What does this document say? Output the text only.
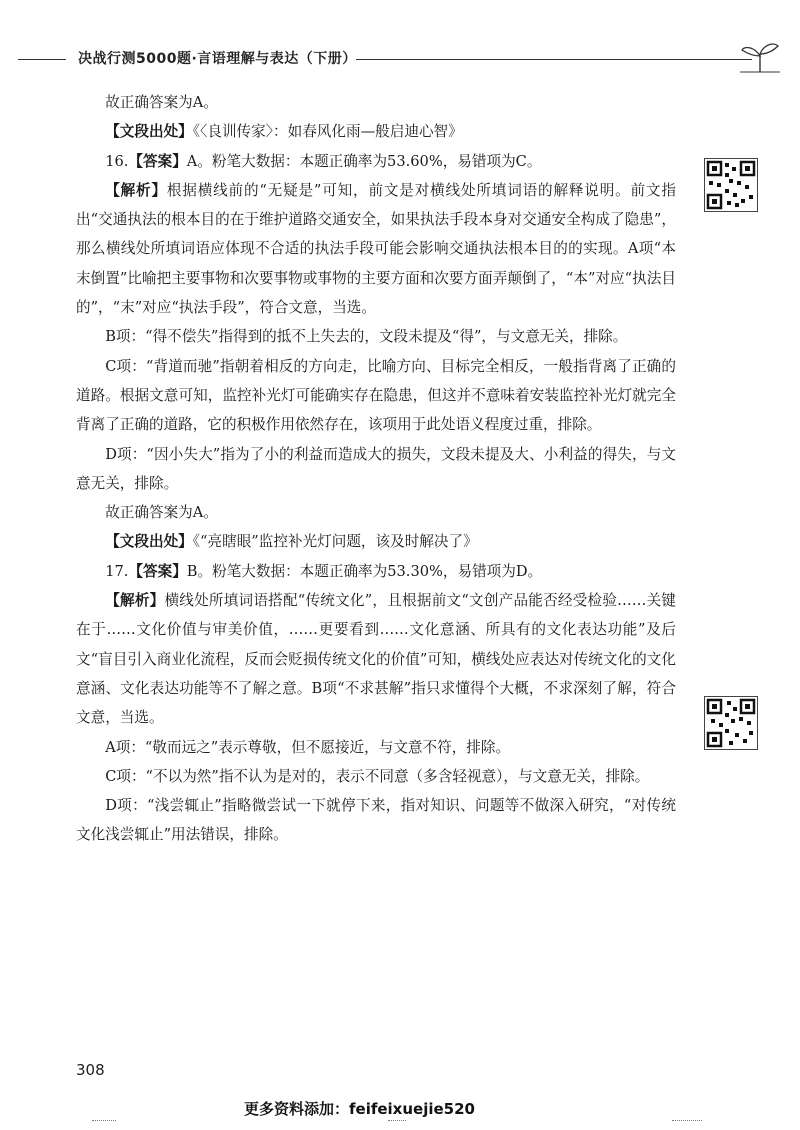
决战行测5000题·言语理解与表达（下册）

故正确答案为A。

【文段出处】《〈良训传家〉：如春风化雨—般启迪心智》

16.【答案】A。粉笔大数据：本题正确率为53.60%，易错项为C。

【解析】根据横线前的“无疑是”可知，前文是对横线处所填词语的解释说明。前文指出“交通执法的根本目的在于维护道路交通安全，如果执法手段本身对交通安全构成了隐患”，那么横线处所填词语应体现不合适的执法手段可能会影响交通执法根本目的的实现。A项“本末倒置”比喻把主要事物和次要事物或事物的主要方面和次要方面弄颠倒了，“本”对应“执法目的”，“末”对应“执法手段”，符合文意，当选。

B项：“得不偿失”指得到的抵不上失去的，文段未提及“得”，与文意无关，排除。

C项：“背道而驰”指朝着相反的方向走，比喻方向、目标完全相反，一般指背离了正确的道路。根据文意可知，监控补光灯可能确实存在隐患，但这并不意味着安装监控补光灯就完全背离了正确的道路，它的积极作用依然存在，该项用于此处语义程度过重，排除。

D项：“因小失大”指为了小的利益而造成大的损失，文段未提及大、小利益的得失，与文意无关，排除。

故正确答案为A。

【文段出处】《“亮瞎眼”监控补光灯问题，该及时解决了》

17.【答案】B。粉笔大数据：本题正确率为53.30%，易错项为D。

【解析】横线处所填词语搭配“传统文化”，且根据前文“文创产品能否经受检验……关键在于……文化价值与审美价值，……更要看到……文化意涵、所具有的文化表达功能”及后文“盲目引入商业化流程，反而会贬损传统文化的价值”可知，横线处应表达对传统文化的文化意涵、文化表达功能等不了解之意。B项“不求甚解”指只求懂得个大概，不求深刻了解，符合文意，当选。

A项：“敬而远之”表示尊敬，但不愿接近，与文意不符，排除。

C项：“不以为然”指不认为是对的，表示不同意（多含轻视意），与文意无关，排除。

D项：“浅尝辄止”指略微尝试一下就停下来，指对知识、问题等不做深入研究，“对传统文化浅尝辄止”用法错误，排除。

308
更多资料添加：feifeixuejie520
